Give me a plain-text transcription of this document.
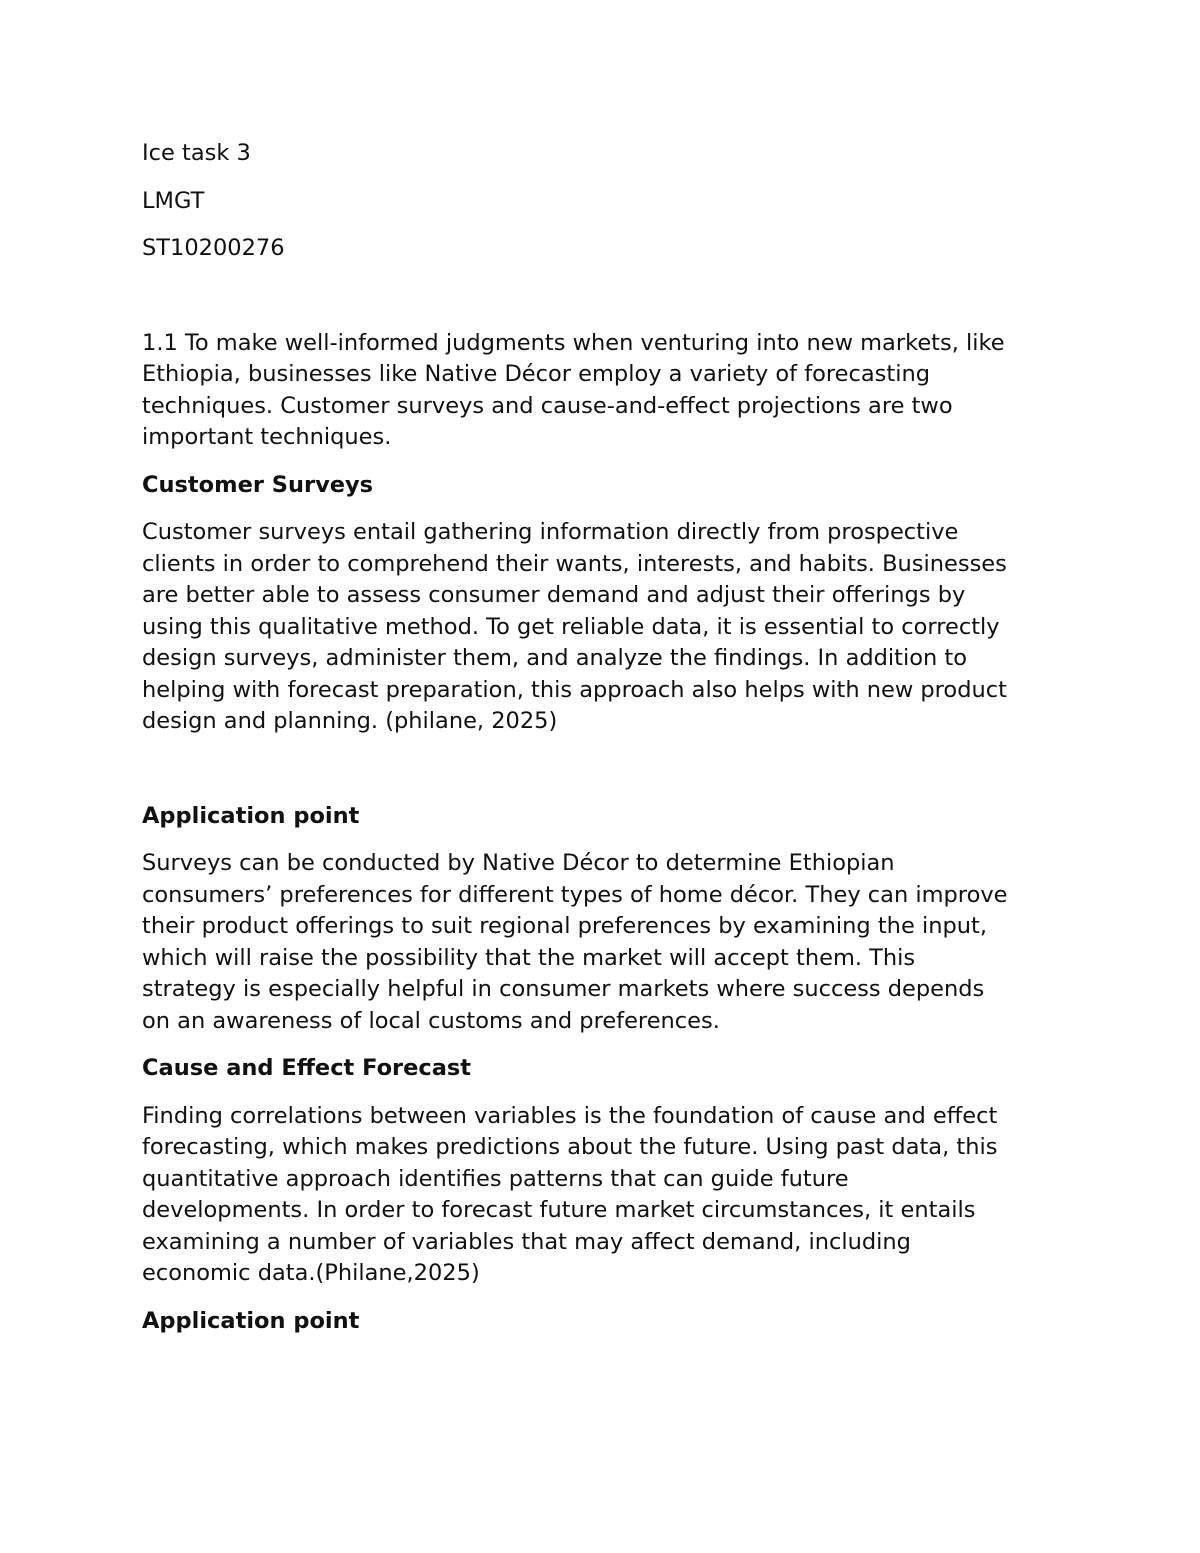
Ice task 3

LMGT

ST10200276

1.1 To make well-informed judgments when venturing into new markets, like

Ethiopia, businesses like Native Décor employ a variety of forecasting

techniques. Customer surveys and cause-and-effect projections are two

important techniques.

Customer Surveys

Customer surveys entail gathering information directly from prospective

clients in order to comprehend their wants, interests, and habits. Businesses

are better able to assess consumer demand and adjust their offerings by

using this qualitative method. To get reliable data, it is essential to correctly

design surveys, administer them, and analyze the findings. In addition to

helping with forecast preparation, this approach also helps with new product

design and planning. (philane, 2025)

Application point

Surveys can be conducted by Native Décor to determine Ethiopian

consumers’ preferences for different types of home décor. They can improve

their product offerings to suit regional preferences by examining the input,

which will raise the possibility that the market will accept them. This

strategy is especially helpful in consumer markets where success depends

on an awareness of local customs and preferences.

Cause and Effect Forecast

Finding correlations between variables is the foundation of cause and effect

forecasting, which makes predictions about the future. Using past data, this

quantitative approach identifies patterns that can guide future

developments. In order to forecast future market circumstances, it entails

examining a number of variables that may affect demand, including

economic data.(Philane,2025)

Application point
